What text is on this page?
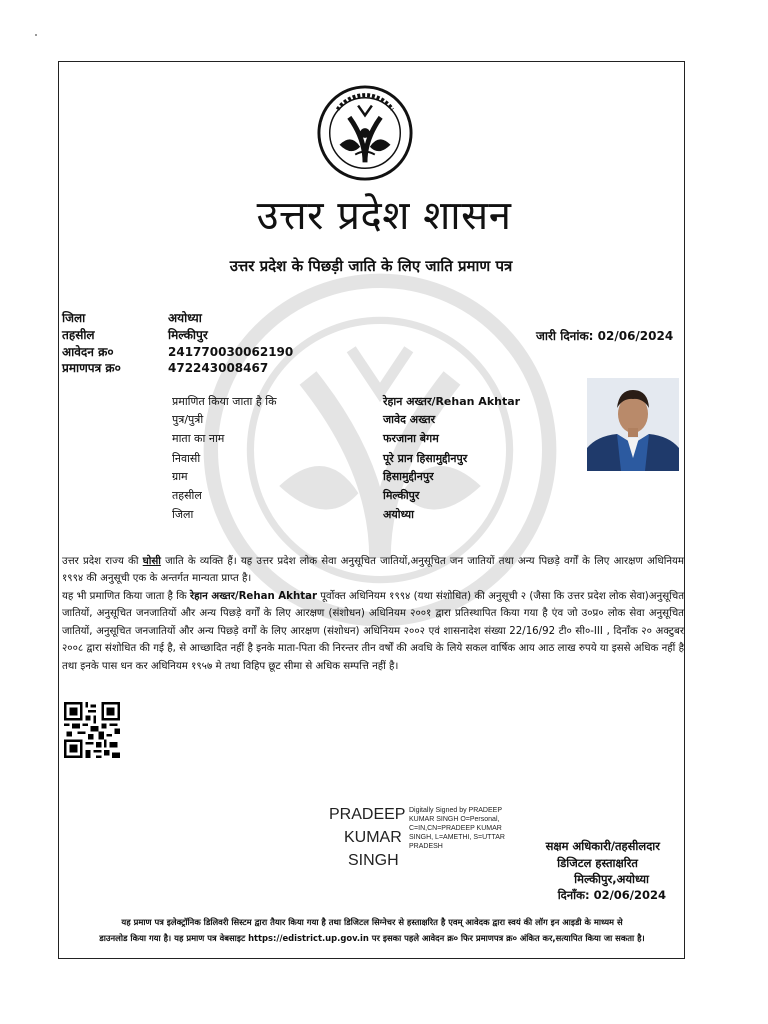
उत्तर प्रदेश शासन
उत्तर प्रदेश के पिछड़ी जाति के लिए जाति प्रमाण पत्र
जिला	अयोध्या
तहसील	मिल्कीपुर
आवेदन क्र०	241770030062190
प्रमाणपत्र क्र०	472243008467
जारी दिनांक: 02/06/2024
प्रमाणित किया जाता है कि	रेहान अख्तर/Rehan Akhtar
पुत्र/पुत्री	जावेद अख्तर
माता का नाम	फरजाना बेगम
निवासी	पूरे प्रान हिसामुद्दीनपुर
ग्राम	हिसामुद्दीनपुर
तहसील	मिल्कीपुर
जिला	अयोध्या
उत्तर प्रदेश राज्य की घोसी जाति के व्यक्ति हैं। यह उत्तर प्रदेश लोक सेवा अनुसूचित जातियों,अनुसूचित जन जातियों तथा अन्य पिछड़े वर्गों के लिए आरक्षण अधिनियम १९९४ की अनुसूची एक के अन्तर्गत मान्यता प्राप्त है।
यह भी प्रमाणित किया जाता है कि रेहान अख्तर/Rehan Akhtar पूर्वोक्त अधिनियम १९९४ (यथा संशोधित) की अनुसूची २ (जैसा कि उत्तर प्रदेश लोक सेवा)अनुसूचित जातियों, अनुसूचित जनजातियों और अन्य पिछड़े वर्गों के लिए आरक्षण (संशोधन) अधिनियम २००१ द्वारा प्रतिस्थापित किया गया है एंव जो उ०प्र० लोक सेवा अनुसूचित जातियों, अनुसूचित जनजातियों और अन्य पिछड़े वर्गों के लिए आरक्षण (संशोधन) अधिनियम २००२ एवं शासनादेश संख्या 22/16/92 टी० सी०-III , दिनाँक २० अक्टुबर २००८ द्वारा संशोधित की गई है, से आच्छादित नहीं है इनके माता-पिता की निरन्तर तीन वर्षों की अवधि के लिये सकल वार्षिक आय आठ लाख रुपये या इससे अधिक नहीं है तथा इनके पास धन कर अधिनियम १९५७ मे तथा विहिप छूट सीमा से अधिक सम्पत्ति नहीं है।
PRADEEP
KUMAR
SINGH
Digitally Signed by PRADEEP KUMAR SINGH O=Personal, C=IN,CN=PRADEEP KUMAR SINGH, L=AMETHI, S=UTTAR PRADESH	सक्षम अधिकारी/तहसीलदार
डिजिटल हस्ताक्षरित
मिल्कीपुर,अयोध्या
दिनाँक: 02/06/2024
यह प्रमाण पत्र इलेक्ट्रॉनिक डिलिवरी सिस्टम द्वारा तैयार किया गया है तथा डिजिटल सिग्नेचर से हस्ताक्षरित है एवम् आवेदक द्वारा स्वयं की लॉग इन आइडी के माध्यम से
डाउनलोड किया गया है। यह प्रमाण पत्र वेबसाइट https://edistrict.up.gov.in पर इसका पहले आवेदन क्र० फिर प्रमाणपत्र क्र० अंकित कर,सत्यापित किया जा सकता है।
